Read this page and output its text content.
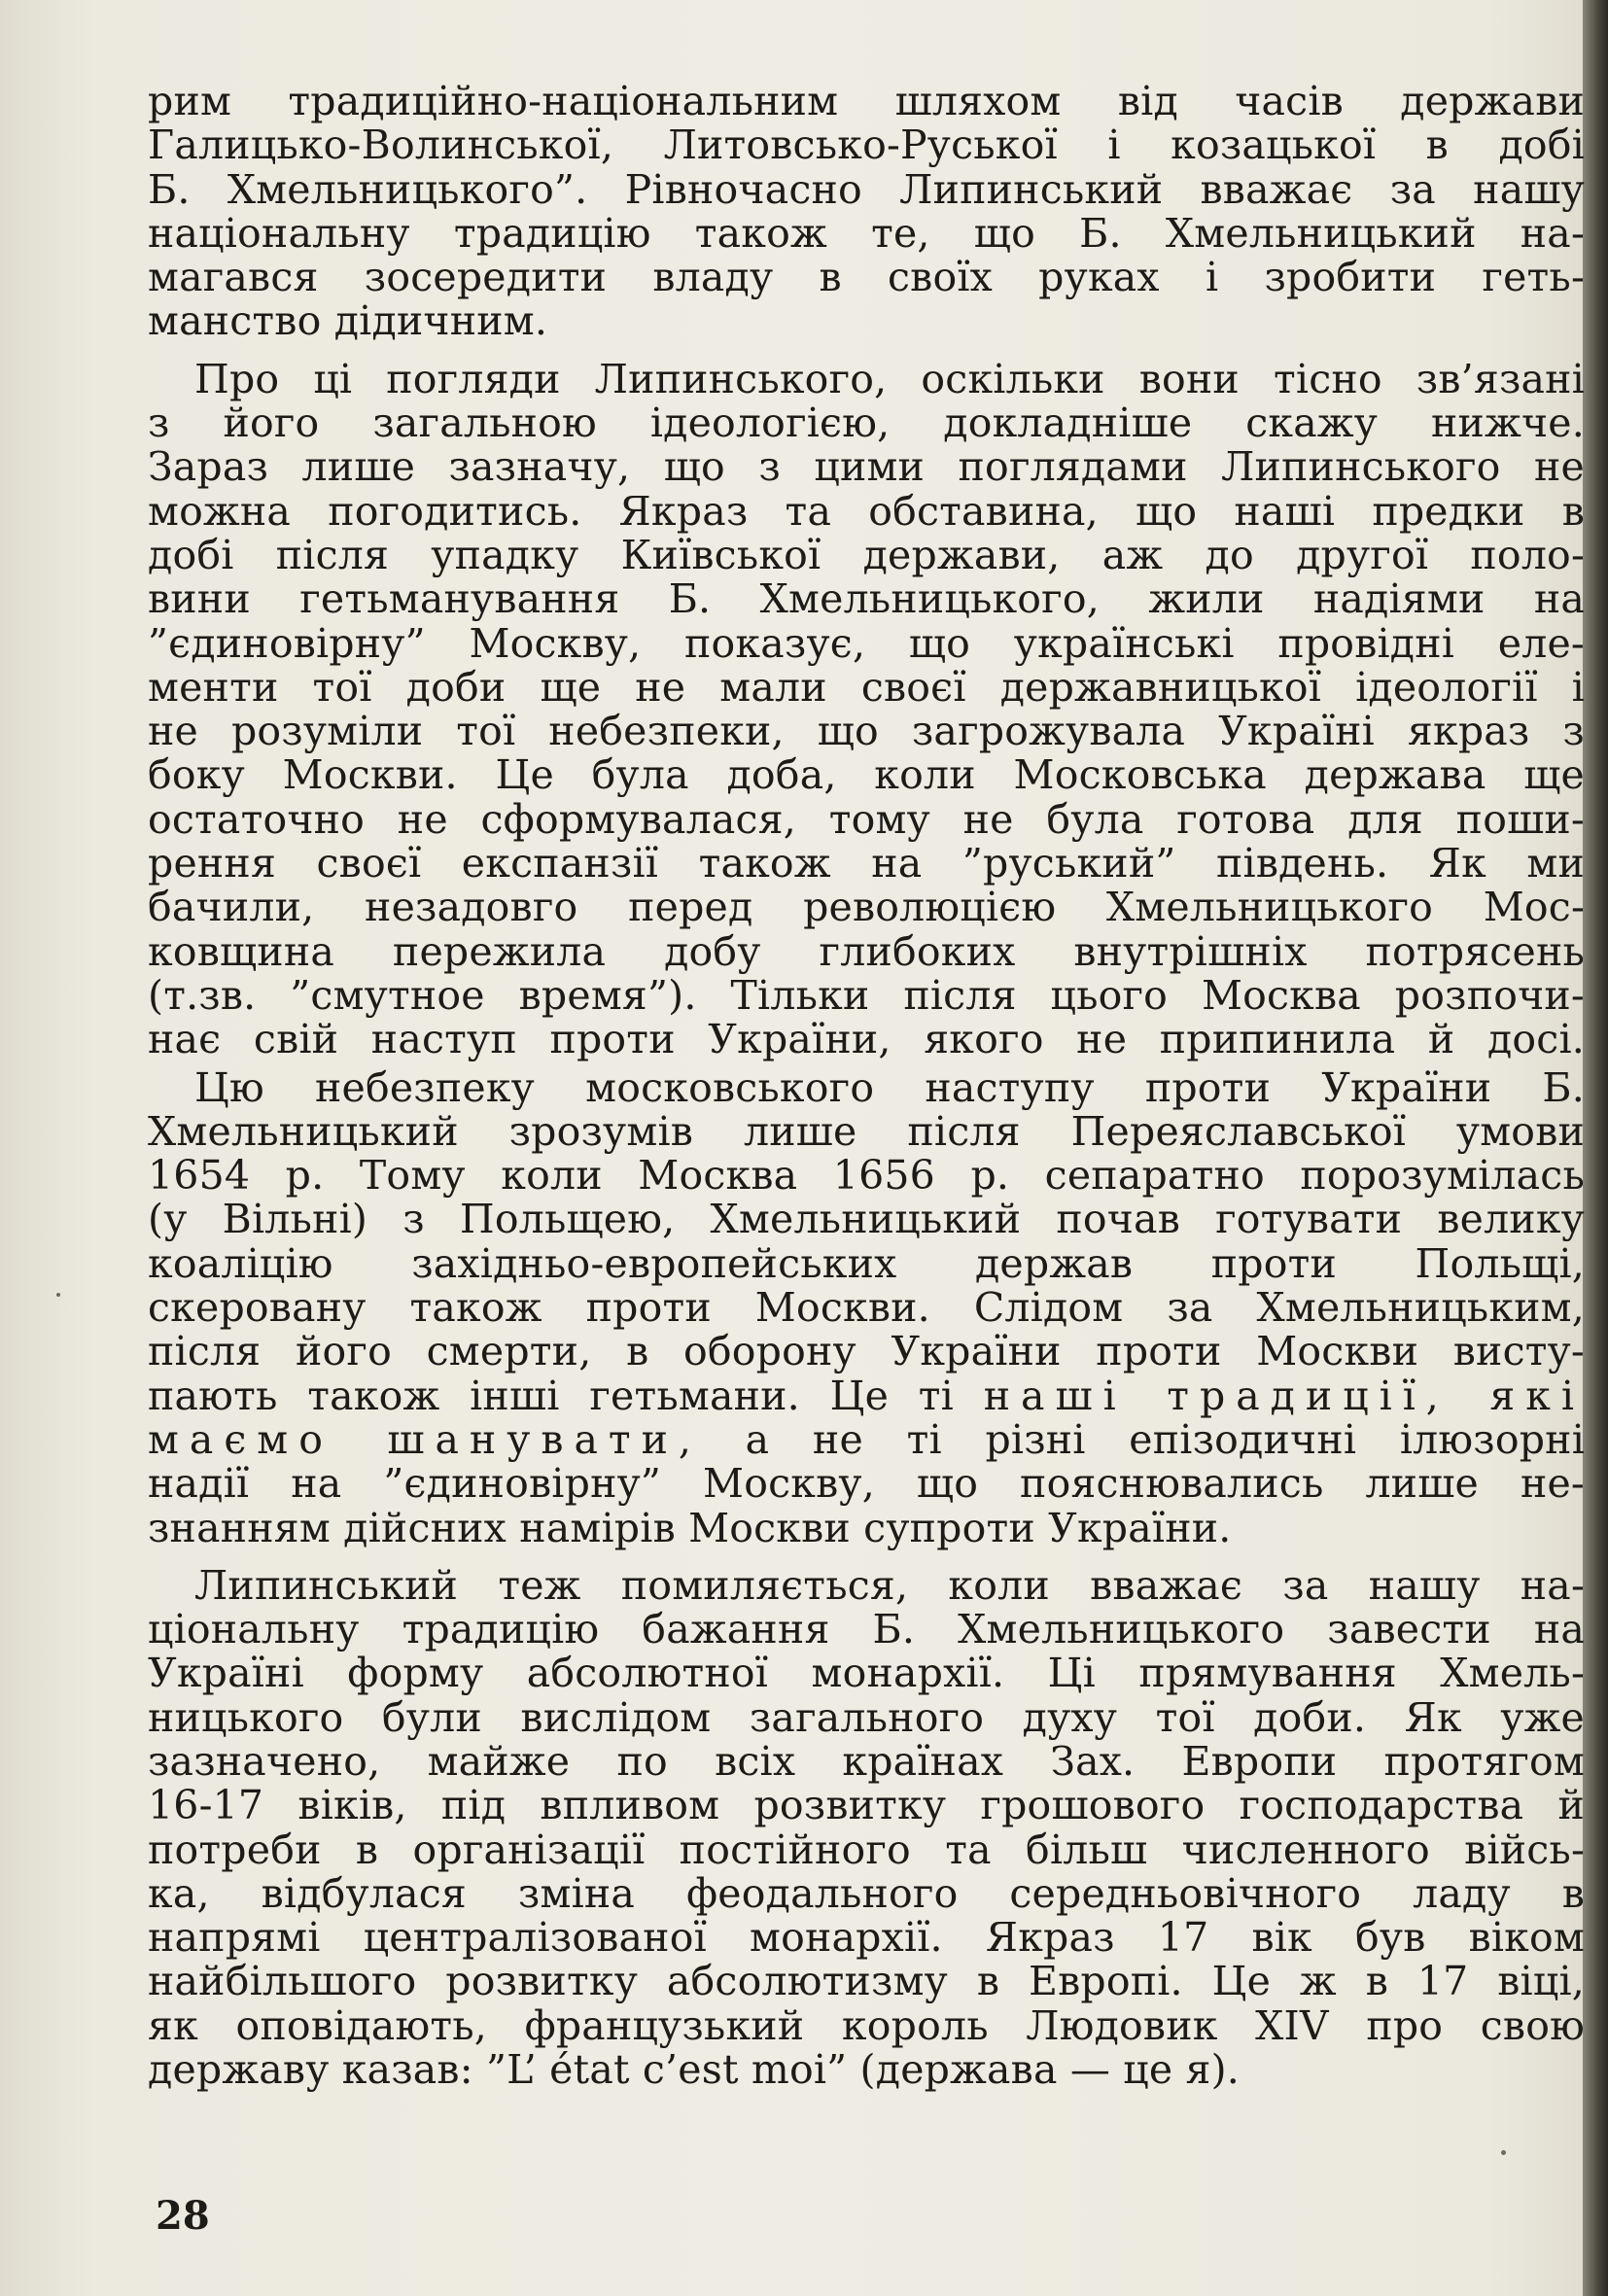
рим традиційно-національним шляхом від часів держави
Галицько-Волинської, Литовсько-Руської і козацької в добі
Б. Хмельницького”. Рівночасно Липинський вважає за нашу
національну традицію також те, що Б. Хмельницький на-
магався зосередити владу в своїх руках і зробити геть-
манство дідичним.
Про ці погляди Липинського, оскільки вони тісно зв’язані
з його загальною ідеологією, докладніше скажу нижче.
Зараз лише зазначу, що з цими поглядами Липинського не
можна погодитись. Якраз та обставина, що наші предки в
добі після упадку Київської держави, аж до другої поло-
вини гетьманування Б. Хмельницького, жили надіями на
”єдиновірну” Москву, показує, що українські провідні еле-
менти тої доби ще не мали своєї державницької ідеології і
не розуміли тої небезпеки, що загрожувала Україні якраз з
боку Москви. Це була доба, коли Московська держава ще
остаточно не сформувалася, тому не була готова для поши-
рення своєї експанзії також на ”руський” південь. Як ми
бачили, незадовго перед революцією Хмельницького Мос-
ковщина пережила добу глибоких внутрішніх потрясень
(т.зв. ”смутное время”). Тільки після цього Москва розпочи-
нає свій наступ проти України, якого не припинила й досі.
Цю небезпеку московського наступу проти України Б.
Хмельницький зрозумів лише після Переяславської умови
1654 р. Тому коли Москва 1656 р. сепаратно порозумілась
(у Вільні) з Польщею, Хмельницький почав готувати велику
коаліцію західньо-европейських держав проти Польщі,
скеровану також проти Москви. Слідом за Хмельницьким,
після його смерти, в оборону України проти Москви висту-
пають також інші гетьмани. Це ті наші традиції, які
маємо шанувати, а не ті різні епізодичні ілюзорні
надії на ”єдиновірну” Москву, що пояснювались лише не-
знанням дійсних намірів Москви супроти України.
Липинський теж помиляється, коли вважає за нашу на-
ціональну традицію бажання Б. Хмельницького завести на
Україні форму абсолютної монархії. Ці прямування Хмель-
ницького були вислідом загального духу тої доби. Як уже
зазначено, майже по всіх країнах Зах. Европи протягом
16-17 віків, під впливом розвитку грошового господарства й
потреби в організації постійного та більш численного війсь-
ка, відбулася зміна феодального середньовічного ладу в
напрямі централізованої монархії. Якраз 17 вік був віком
найбільшого розвитку абсолютизму в Европі. Це ж в 17 віці,
як оповідають, французький король Людовик XIV про свою
державу казав: ”L’ état c’est moi” (держава — це я).
28
